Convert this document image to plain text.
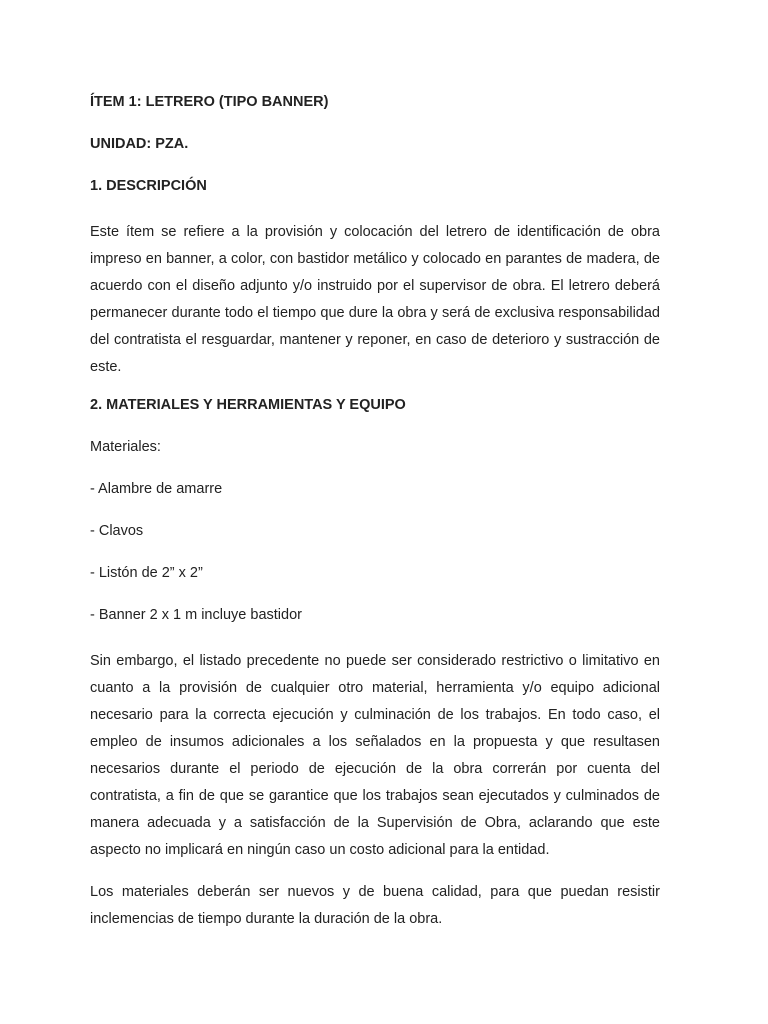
ÍTEM 1: LETRERO (TIPO BANNER)
UNIDAD: PZA.
1. DESCRIPCIÓN
Este ítem se refiere a la provisión y colocación del letrero de identificación de obra impreso en banner, a color, con bastidor metálico y colocado en parantes de madera, de acuerdo con el diseño adjunto y/o instruido por el supervisor de obra. El letrero deberá permanecer durante todo el tiempo que dure la obra y será de exclusiva responsabilidad del contratista el resguardar, mantener y reponer, en caso de deterioro y sustracción de este.
2. MATERIALES Y HERRAMIENTAS Y EQUIPO
Materiales:
- Alambre de amarre
- Clavos
- Listón de 2” x 2”
- Banner 2 x 1 m incluye bastidor
Sin embargo, el listado precedente no puede ser considerado restrictivo o limitativo en cuanto a la provisión de cualquier otro material, herramienta y/o equipo adicional necesario para la correcta ejecución y culminación de los trabajos. En todo caso, el empleo de insumos adicionales a los señalados en la propuesta y que resultasen necesarios durante el periodo de ejecución de la obra correrán por cuenta del contratista, a fin de que se garantice que los trabajos sean ejecutados y culminados de manera adecuada y a satisfacción de la Supervisión de Obra, aclarando que este aspecto no implicará en ningún caso un costo adicional para la entidad.
Los materiales deberán ser nuevos y de buena calidad, para que puedan resistir inclemencias de tiempo durante la duración de la obra.
